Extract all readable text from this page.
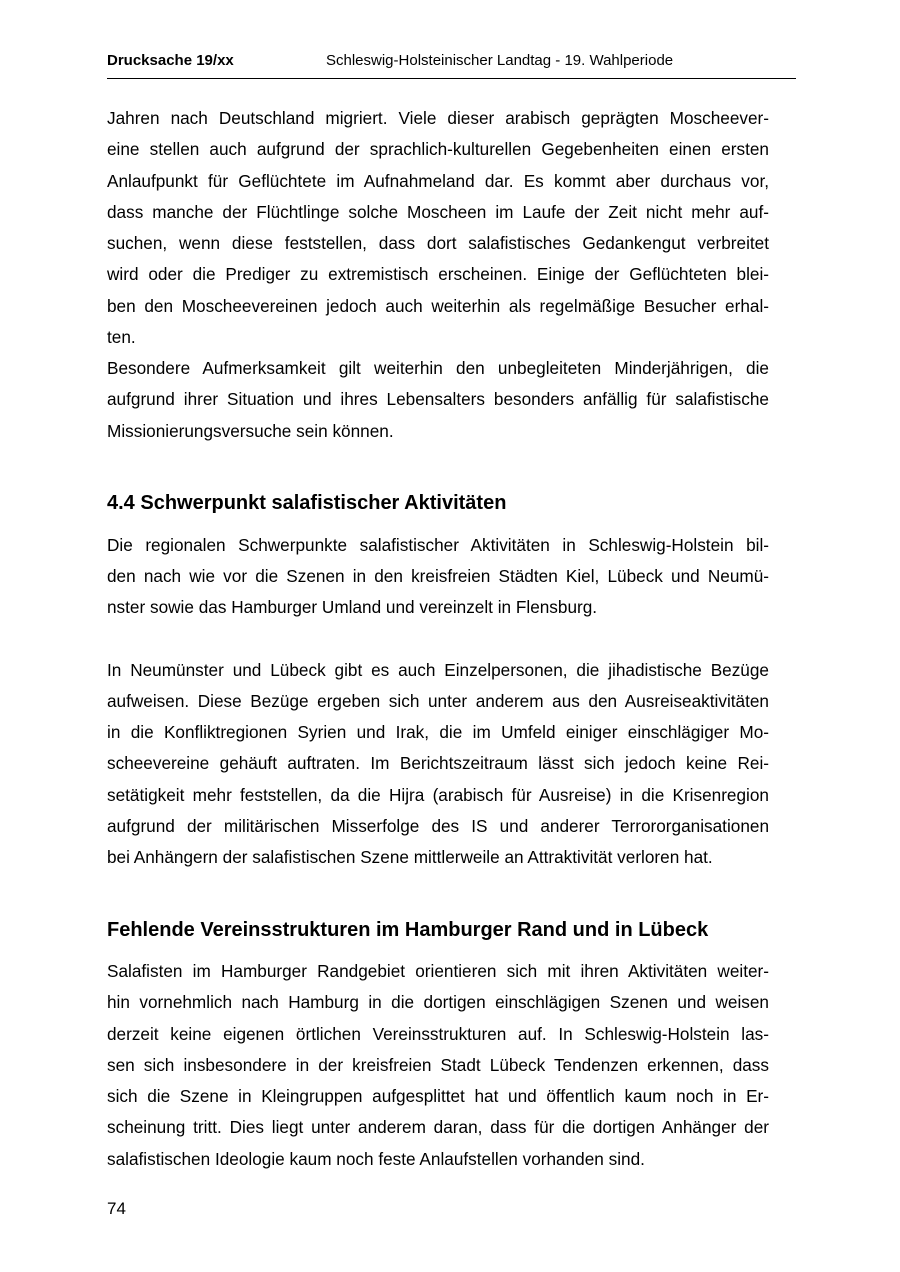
Drucksache 19/xx	Schleswig-Holsteinischer Landtag - 19. Wahlperiode
Jahren nach Deutschland migriert. Viele dieser arabisch geprägten Moscheever-
eine stellen auch aufgrund der sprachlich-kulturellen Gegebenheiten einen ersten
Anlaufpunkt für Geflüchtete im Aufnahmeland dar. Es kommt aber durchaus vor,
dass manche der Flüchtlinge solche Moscheen im Laufe der Zeit nicht mehr auf-
suchen, wenn diese feststellen, dass dort salafistisches Gedankengut verbreitet
wird oder die Prediger zu extremistisch erscheinen. Einige der Geflüchteten blei-
ben den Moscheevereinen jedoch auch weiterhin als regelmäßige Besucher erhal-
ten.
Besondere Aufmerksamkeit gilt weiterhin den unbegleiteten Minderjährigen, die
aufgrund ihrer Situation und ihres Lebensalters besonders anfällig für salafistische
Missionierungsversuche sein können.
4.4 Schwerpunkt salafistischer Aktivitäten
Die regionalen Schwerpunkte salafistischer Aktivitäten in Schleswig-Holstein bil-
den nach wie vor die Szenen in den kreisfreien Städten Kiel, Lübeck und Neumü-
nster sowie das Hamburger Umland und vereinzelt in Flensburg.
In Neumünster und Lübeck gibt es auch Einzelpersonen, die jihadistische Bezüge
aufweisen. Diese Bezüge ergeben sich unter anderem aus den Ausreiseaktivitäten
in die Konfliktregionen Syrien und Irak, die im Umfeld einiger einschlägiger Mo-
scheevereine gehäuft auftraten. Im Berichtszeitraum lässt sich jedoch keine Rei-
setätigkeit mehr feststellen, da die Hijra (arabisch für Ausreise) in die Krisenregion
aufgrund der militärischen Misserfolge des IS und anderer Terrororganisationen
bei Anhängern der salafistischen Szene mittlerweile an Attraktivität verloren hat.
Fehlende Vereinsstrukturen im Hamburger Rand und in Lübeck
Salafisten im Hamburger Randgebiet orientieren sich mit ihren Aktivitäten weiter-
hin vornehmlich nach Hamburg in die dortigen einschlägigen Szenen und weisen
derzeit keine eigenen örtlichen Vereinsstrukturen auf. In Schleswig-Holstein las-
sen sich insbesondere in der kreisfreien Stadt Lübeck Tendenzen erkennen, dass
sich die Szene in Kleingruppen aufgesplittet hat und öffentlich kaum noch in Er-
scheinung tritt. Dies liegt unter anderem daran, dass für die dortigen Anhänger der
salafistischen Ideologie kaum noch feste Anlaufstellen vorhanden sind.
74
